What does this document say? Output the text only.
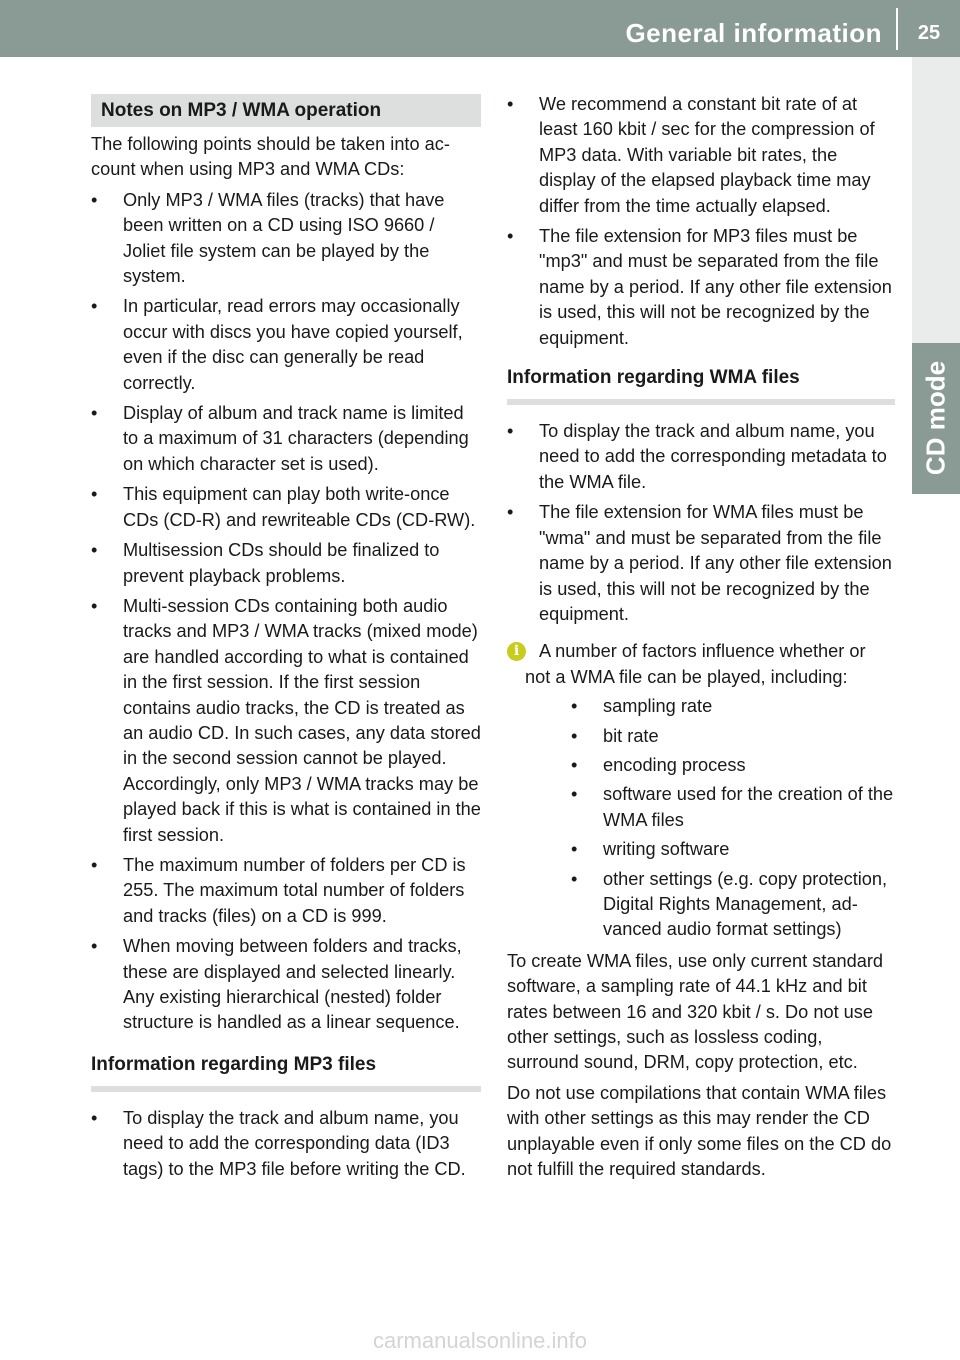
General information	25
CD mode
Notes on MP3 / WMA operation

The following points should be taken into account when using MP3 and WMA CDs:

• Only MP3 / WMA files (tracks) that have been written on a CD using ISO 9660 / Joliet file system can be played by the system.
• In particular, read errors may occasionally occur with discs you have copied yourself, even if the disc can generally be read correctly.
• Display of album and track name is limited to a maximum of 31 characters (depending on which character set is used).
• This equipment can play both write-once CDs (CD-R) and rewriteable CDs (CD-RW).
• Multisession CDs should be finalized to prevent playback problems.
• Multi-session CDs containing both audio tracks and MP3 / WMA tracks (mixed mode) are handled according to what is contained in the first session. If the first session contains audio tracks, the CD is treated as an audio CD. In such cases, any data stored in the second session cannot be played. Accordingly, only MP3 / WMA tracks may be played back if this is what is contained in the first session.
• The maximum number of folders per CD is 255. The maximum total number of folders and tracks (files) on a CD is 999.
• When moving between folders and tracks, these are displayed and selected linearly. Any existing hierarchical (nested) folder structure is handled as a linear sequence.
Information regarding MP3 files
• To display the track and album name, you need to add the corresponding data (ID3 tags) to the MP3 file before writing the CD.
• We recommend a constant bit rate of at least 160 kbit / sec for the compression of MP3 data. With variable bit rates, the display of the elapsed playback time may differ from the time actually elapsed.
• The file extension for MP3 files must be "mp3" and must be separated from the file name by a period. If any other file extension is used, this will not be recognized by the equipment.
Information regarding WMA files
• To display the track and album name, you need to add the corresponding metadata to the WMA file.
• The file extension for WMA files must be "wma" and must be separated from the file name by a period. If any other file extension is used, this will not be recognized by the equipment.
i	A number of factors influence whether or not a WMA file can be played, including:

• sampling rate
• bit rate
• encoding process
• software used for the creation of the WMA files
• writing software
• other settings (e.g. copy protection, Digital Rights Management, advanced audio format settings)

To create WMA files, use only current standard software, a sampling rate of 44.1 kHz and bit rates between 16 and 320 kbit / s. Do not use other settings, such as lossless coding, surround sound, DRM, copy protection, etc.

Do not use compilations that contain WMA files with other settings as this may render the CD unplayable even if only some files on the CD do not fulfill the required standards.

carmanualsonline.info
